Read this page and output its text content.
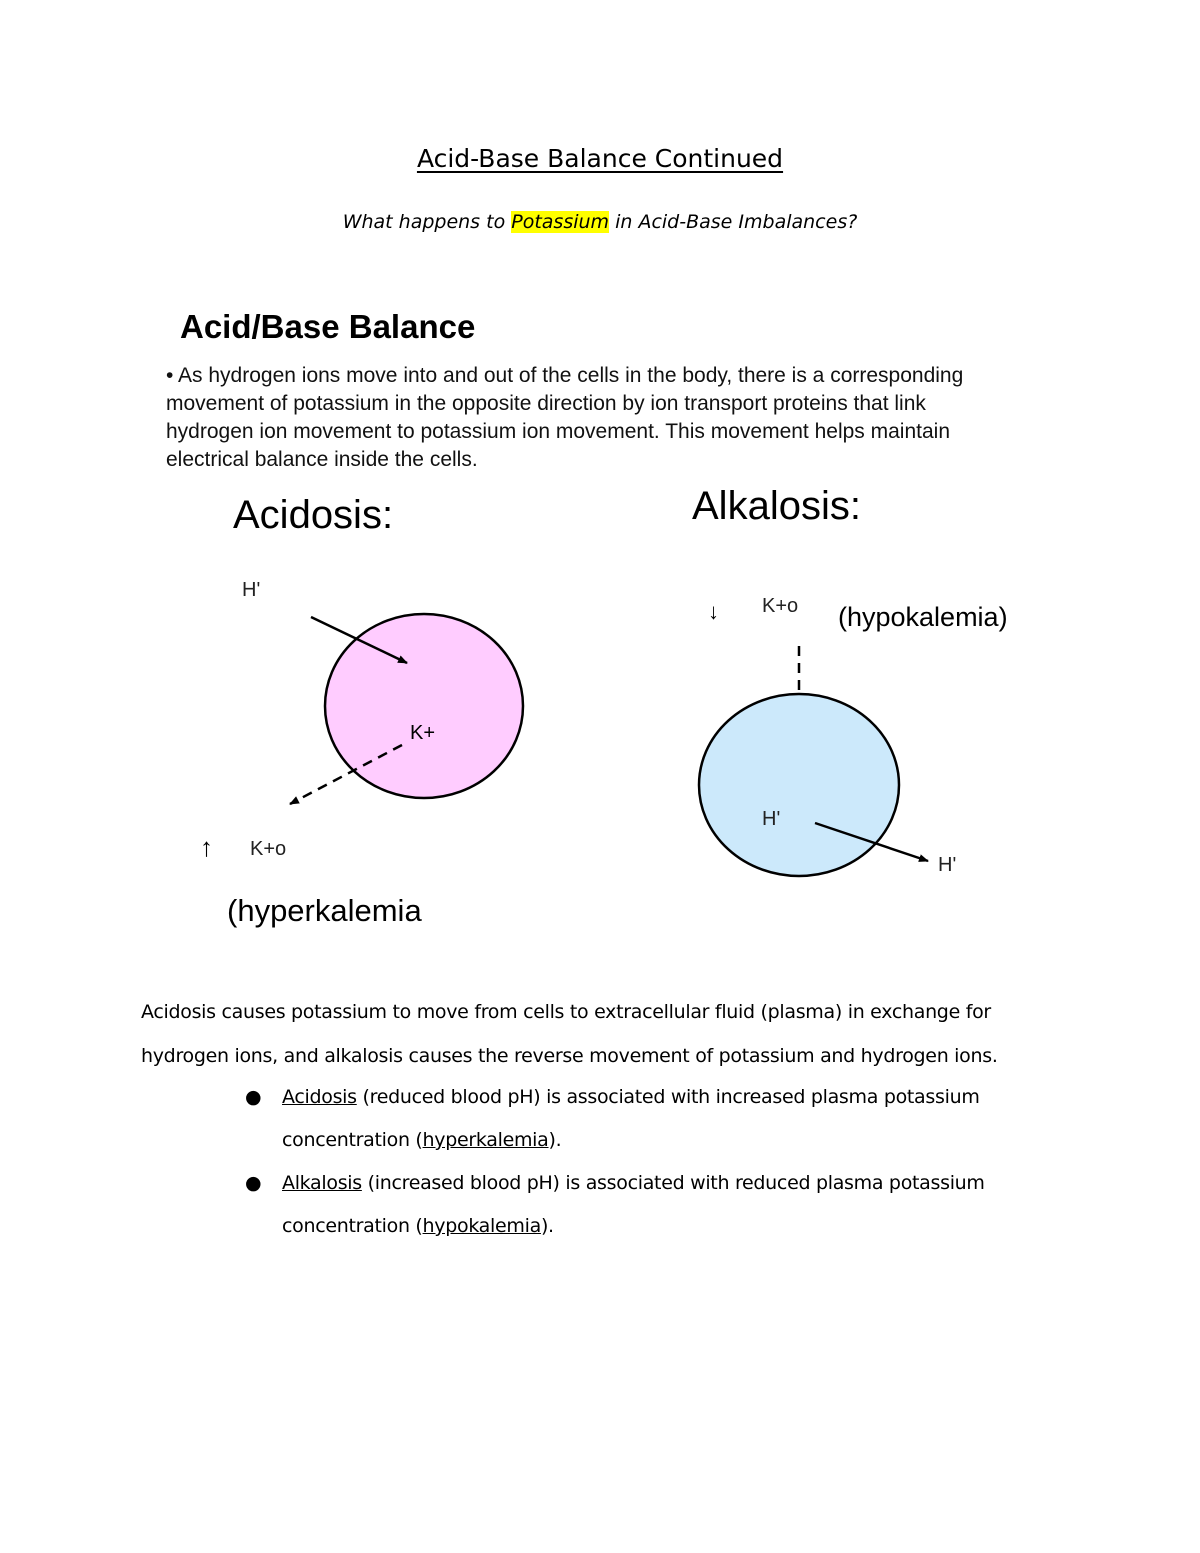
Acid-Base Balance Continued
What happens to Potassium in Acid-Base Imbalances?
Acid/Base Balance
• As hydrogen ions move into and out of the cells in the body, there is a corresponding movement of potassium in the opposite direction by ion transport proteins that link hydrogen ion movement to potassium ion movement. This movement helps maintain electrical balance inside the cells.
Acidosis:
H'
K+
↑ K+o
(hyperkalemia
Alkalosis:
↓ K+o (hypokalemia)
H'
H'
Acidosis causes potassium to move from cells to extracellular fluid (plasma) in exchange for hydrogen ions, and alkalosis causes the reverse movement of potassium and hydrogen ions.
● Acidosis (reduced blood pH) is associated with increased plasma potassium concentration (hyperkalemia).
● Alkalosis (increased blood pH) is associated with reduced plasma potassium concentration (hypokalemia).
